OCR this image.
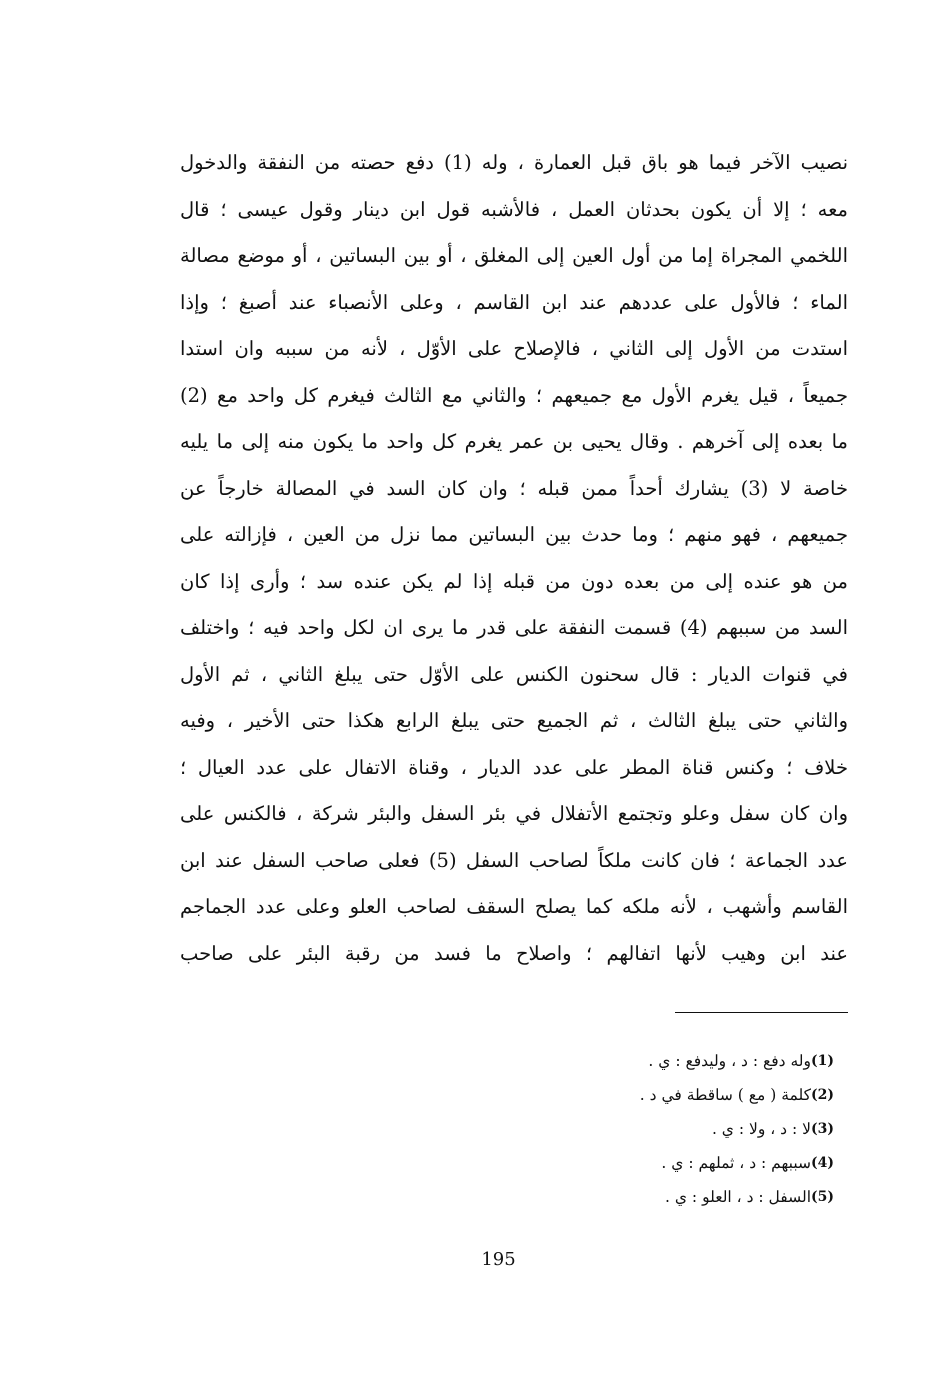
نصيب الآخر فيما هو باق قبل العمارة ، وله (1) دفع حصته من النفقة والدخول
معه ؛ إلا أن يكون بحدثان العمل ، فالأشبه قول ابن دينار وقول عيسى ؛ قال
اللخمي المجراة إما من أول العين إلى المغلق ، أو بين البساتين ، أو موضع مصالة
الماء ؛ فالأول على عددهم عند ابن القاسم ، وعلى الأنصباء عند أصبغ ؛ وإذا
استدت من الأول إلى الثاني ، فالإصلاح على الأوّل ، لأنه من سببه وان استدا
جميعاً ، قيل يغرم الأول مع جميعهم ؛ والثاني مع الثالث فيغرم كل واحد مع (2)
ما بعده إلى آخرهم . وقال يحيى بن عمر يغرم كل واحد ما يكون منه إلى ما يليه
خاصة لا (3) يشارك أحداً ممن قبله ؛ وان كان السد في المصالة خارجاً عن
جميعهم ، فهو منهم ؛ وما حدث بين البساتين مما نزل من العين ، فإزالته على
من هو عنده إلى من بعده دون من قبله إذا لم يكن عنده سد ؛ وأرى إذا كان
السد من سببهم (4) قسمت النفقة على قدر ما يرى ان لكل واحد فيه ؛ واختلف
في قنوات الديار : قال سحنون الكنس على الأوّل حتى يبلغ الثاني ، ثم الأول
والثاني حتى يبلغ الثالث ، ثم الجميع حتى يبلغ الرابع هكذا حتى الأخير ، وفيه
خلاف ؛ وكنس قناة المطر على عدد الديار ، وقناة الاتفال على عدد العيال ؛
وان كان سفل وعلو وتجتمع الأتفلال في بئر السفل والبئر شركة ، فالكنس على
عدد الجماعة ؛ فان كانت ملكاً لصاحب السفل (5) فعلى صاحب السفل عند ابن
القاسم وأشهب ، لأنه ملكه كما يصلح السقف لصاحب العلو وعلى عدد الجماجم
عند ابن وهيب لأنها اتفالهم ؛ واصلاح ما فسد من رقبة البئر على صاحب
(1)
وله دفع : د ، وليدفع : ي .
(2)
كلمة ( مع ) ساقطة في د .
(3)
لا : د ، ولا : ي .
(4)
سببهم : د ، ثملهم : ي .
(5)
السفل : د ، العلو : ي .
195
